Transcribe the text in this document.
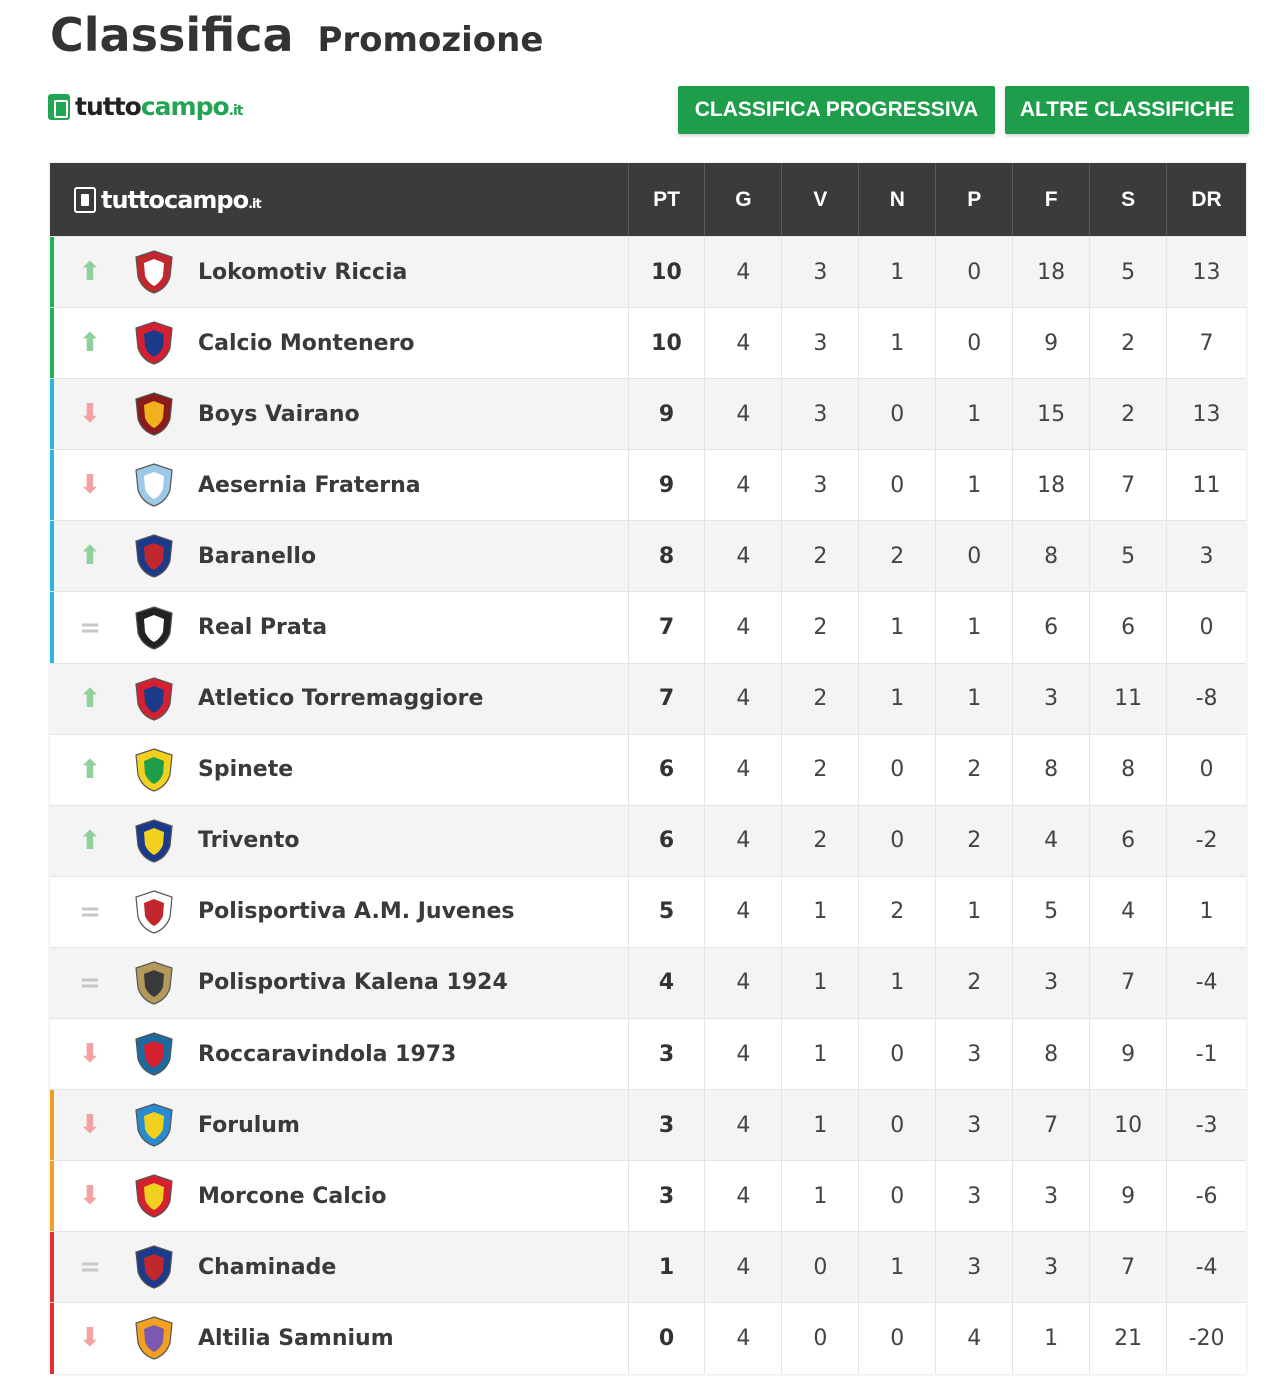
Classifica Promozione
tuttocampo.it	CLASSIFICA PROGRESSIVA	ALTRE CLASSIFICHE
tuttocampo.it	PT	G	V	N	P	F	S	DR
⬆	Lokomotiv Riccia	10	4	3	1	0	18	5	13
⬆	Calcio Montenero	10	4	3	1	0	9	2	7
⬇	Boys Vairano	9	4	3	0	1	15	2	13
⬇	Aesernia Fraterna	9	4	3	0	1	18	7	11
⬆	Baranello	8	4	2	2	0	8	5	3
=	Real Prata	7	4	2	1	1	6	6	0
⬆	Atletico Torremaggiore	7	4	2	1	1	3	11	-8
⬆	Spinete	6	4	2	0	2	8	8	0
⬆	Trivento	6	4	2	0	2	4	6	-2
=	Polisportiva A.M. Juvenes	5	4	1	2	1	5	4	1
=	Polisportiva Kalena 1924	4	4	1	1	2	3	7	-4
⬇	Roccaravindola 1973	3	4	1	0	3	8	9	-1
⬇	Forulum	3	4	1	0	3	7	10	-3
⬇	Morcone Calcio	3	4	1	0	3	3	9	-6
=	Chaminade	1	4	0	1	3	3	7	-4
⬇	Altilia Samnium	0	4	0	0	4	1	21	-20
